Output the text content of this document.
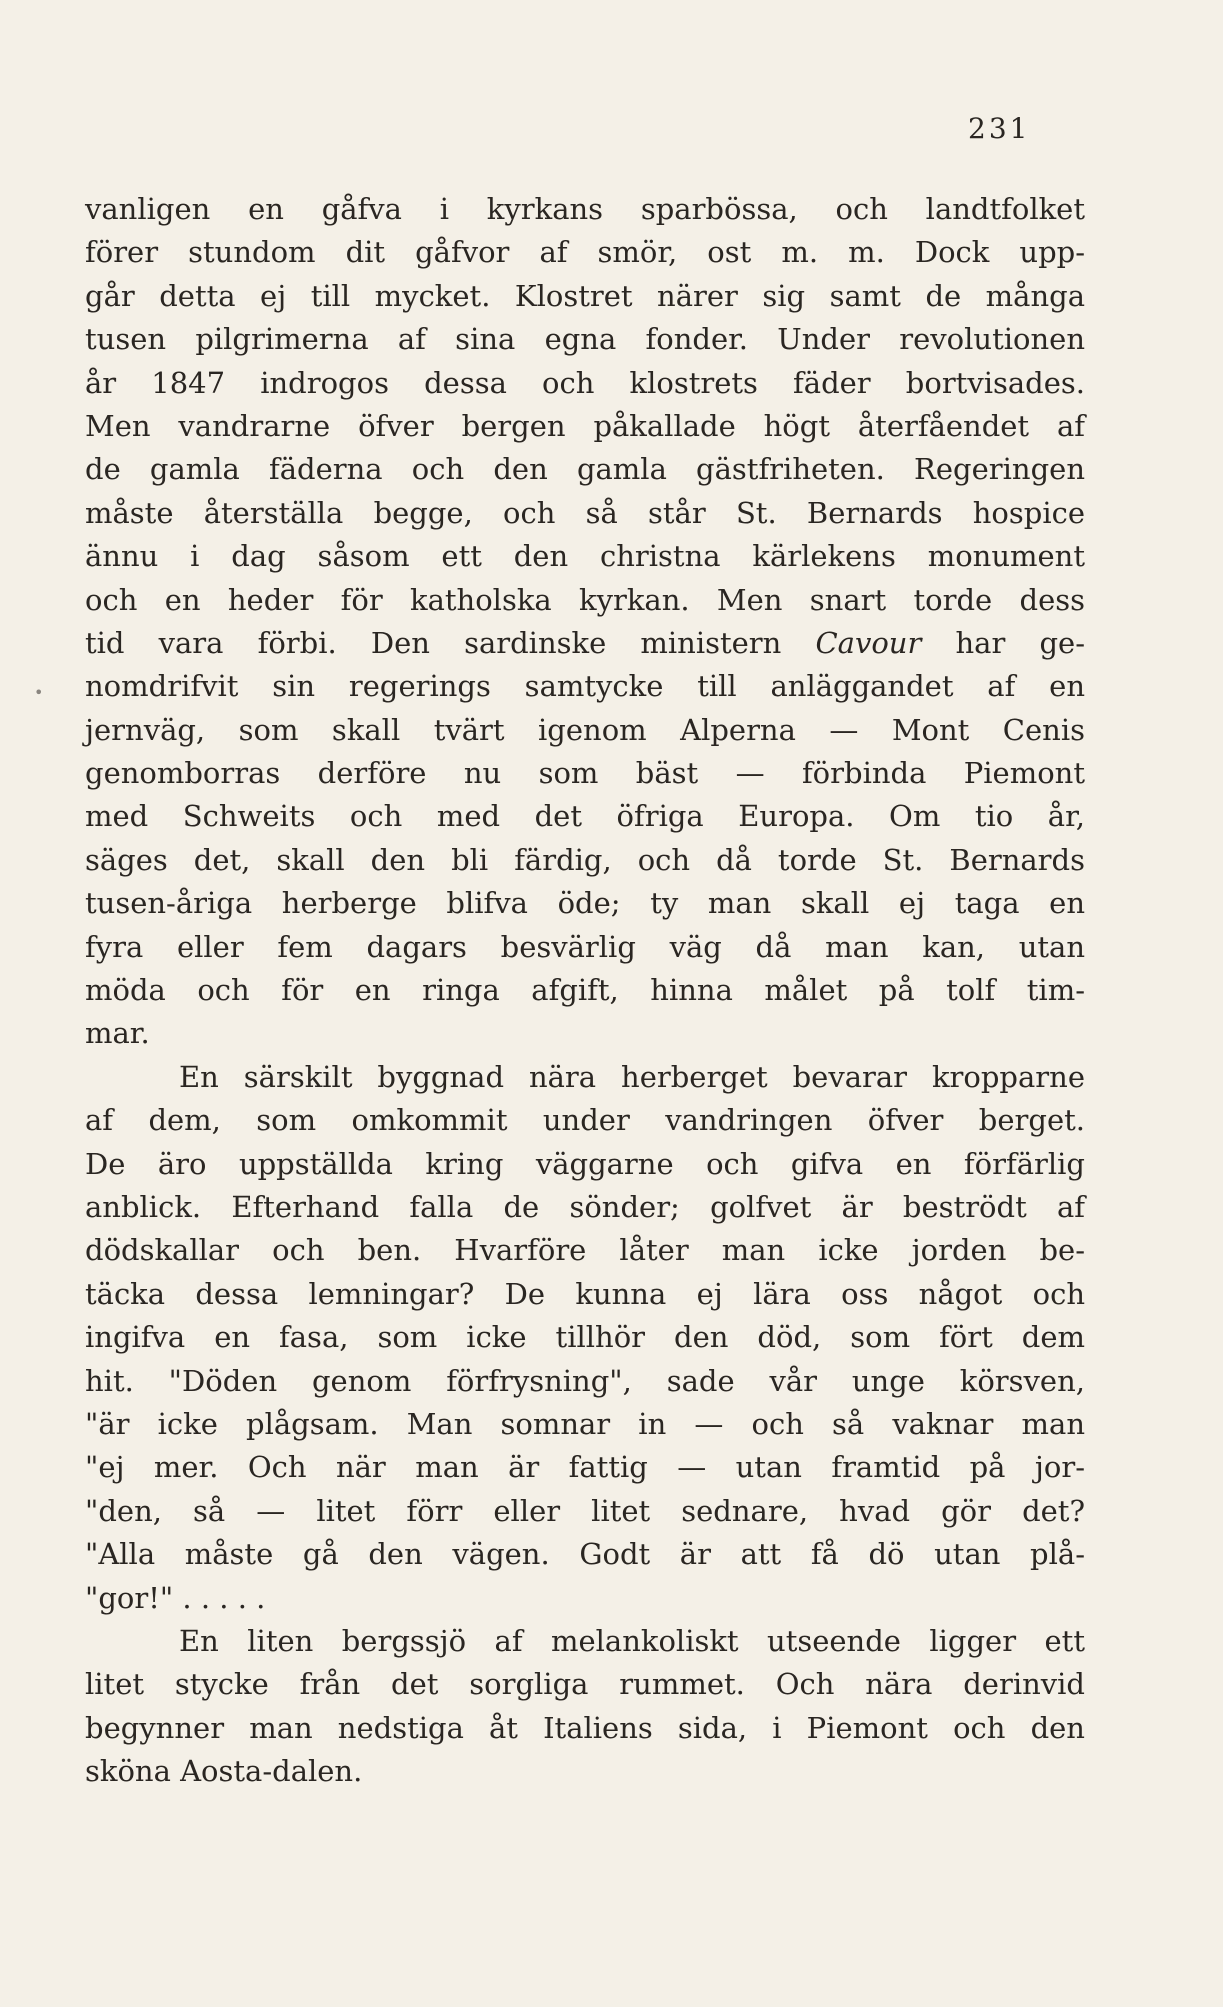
231
•
vanligen en gåfva i kyrkans sparbössa, och landtfolket
förer stundom dit gåfvor af smör, ost m. m. Dock upp-
går detta ej till mycket. Klostret närer sig samt de många
tusen pilgrimerna af sina egna fonder. Under revolutionen
år 1847 indrogos dessa och klostrets fäder bortvisades.
Men vandrarne öfver bergen påkallade högt återfåendet af
de gamla fäderna och den gamla gästfriheten. Regeringen
måste återställa begge, och så står St. Bernards hospice
ännu i dag såsom ett den christna kärlekens monument
och en heder för katholska kyrkan. Men snart torde dess
tid vara förbi. Den sardinske ministern Cavour har ge-
nomdrifvit sin regerings samtycke till anläggandet af en
jernväg, som skall tvärt igenom Alperna — Mont Cenis
genomborras derföre nu som bäst — förbinda Piemont
med Schweits och med det öfriga Europa. Om tio år,
säges det, skall den bli färdig, och då torde St. Bernards
tusen-åriga herberge blifva öde; ty man skall ej taga en
fyra eller fem dagars besvärlig väg då man kan, utan
möda och för en ringa afgift, hinna målet på tolf tim-
mar.
En särskilt byggnad nära herberget bevarar kropparne
af dem, som omkommit under vandringen öfver berget.
De äro uppställda kring väggarne och gifva en förfärlig
anblick. Efterhand falla de sönder; golfvet är beströdt af
dödskallar och ben. Hvarföre låter man icke jorden be-
täcka dessa lemningar? De kunna ej lära oss något och
ingifva en fasa, som icke tillhör den död, som fört dem
hit. "Döden genom förfrysning", sade vår unge körsven,
"är icke plågsam. Man somnar in — och så vaknar man
"ej mer. Och när man är fattig — utan framtid på jor-
"den, så — litet förr eller litet sednare, hvad gör det?
"Alla måste gå den vägen. Godt är att få dö utan plå-
"gor!" . . . . .
En liten bergssjö af melankoliskt utseende ligger ett
litet stycke från det sorgliga rummet. Och nära derinvid
begynner man nedstiga åt Italiens sida, i Piemont och den
sköna Aosta-dalen.
